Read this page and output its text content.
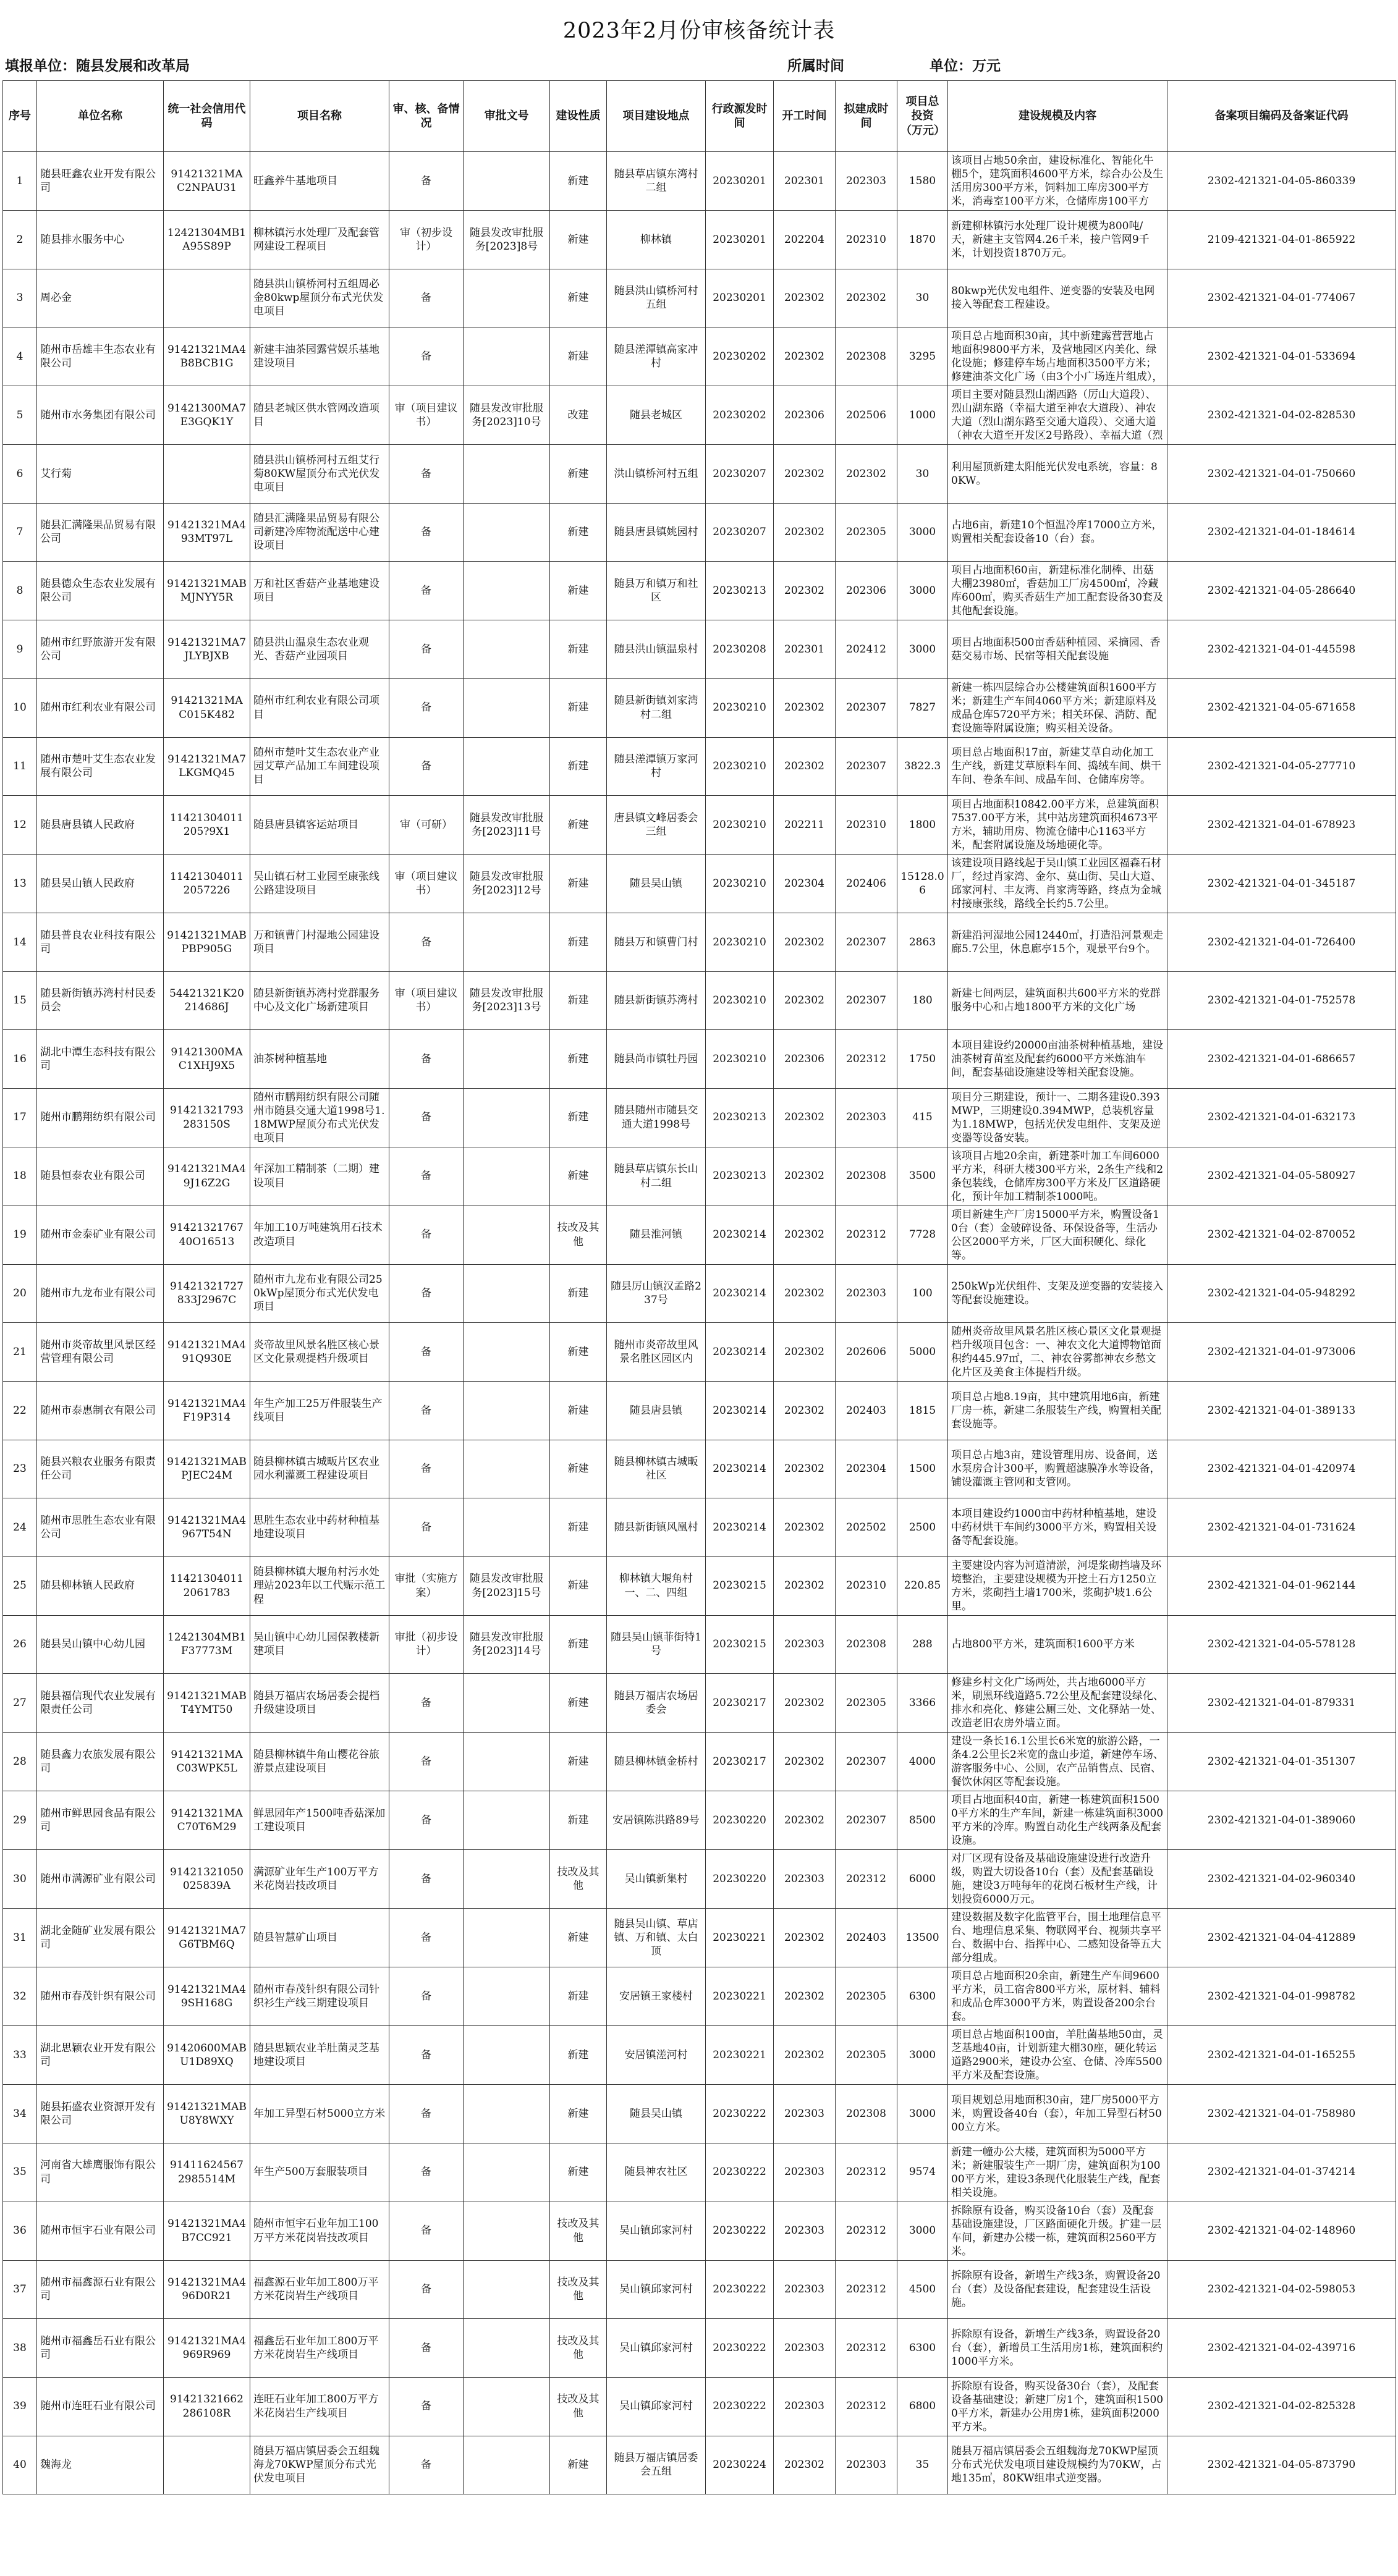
2023年2月份审核备统计表
填报单位：随县发展和改革局	所属时间	单位：万元
序号	单位名称	统一社会信用代码	项目名称	审、核、备情况	审批文号	建设性质	项目建设地点	行政源发时间	开工时间	拟建成时间	项目总投资（万元）	建设规模及内容	备案项目编码及备案证代码

1	随县旺鑫农业开发有限公司	91421321MAC2NPAU31	旺鑫养牛基地项目	备		新建	随县草店镇东湾村二组	20230201	202301	202303	1580	该项目占地50余亩，建设标准化、智能化牛棚5个，建筑面积4600平方米，综合办公及生活用房300平方米，饲料加工库房300平方米，消毒室100平方米，仓储库房100平方	2302-421321-04-05-860339

2	随县排水服务中心	12421304MB1A95S89P	柳林镇污水处理厂及配套管网建设工程项目	审（初步设计）	随县发改审批服务[2023]8号	新建	柳林镇	20230201	202204	202310	1870	新建柳林镇污水处理厂设计规模为800吨/天，新建主支管网4.26千米，接户管网9千米，计划投资1870万元。	2109-421321-04-01-865922

3	周必金		随县洪山镇桥河村五组周必金80kwp屋顶分布式光伏发电项目	备		新建	随县洪山镇桥河村五组	20230201	202302	202302	30	80kwp光伏发电组件、逆变器的安装及电网接入等配套工程建设。	2302-421321-04-01-774067

4	随州市岳雄丰生态农业有限公司	91421321MA4B8BCB1G	新建丰油茶园露营娱乐基地建设项目	备		新建	随县溠潭镇高家冲村	20230202	202302	202308	3295	项目总占地面积30亩，其中新建露营营地占地面积9800平方米，及营地园区内美化、绿化设施；修建停车场占地面积3500平方米；修建油茶文化广场（由3个小广场连片组成），	2302-421321-04-01-533694

5	随州市水务集团有限公司	91421300MA7E3GQK1Y	随县老城区供水管网改造项目	审（项目建议书）	随县发改审批服务[2023]10号	改建	随县老城区	20230202	202306	202506	1000	项目主要对随县烈山湖西路（厉山大道段）、烈山湖东路（幸福大道至神农大道段）、神农大道（烈山湖东路至交通大道段）、交通大道（神农大道至开发区2号路段）、幸福大道（烈	2302-421321-04-02-828530

6	艾行菊		随县洪山镇桥河村五组艾行菊80KW屋顶分布式光伏发电项目	备		新建	洪山镇桥河村五组	20230207	202302	202302	30	利用屋顶新建太阳能光伏发电系统，容量：80KW。	2302-421321-04-01-750660

7	随县汇满隆果品贸易有限公司	91421321MA493MT97L	随县汇满隆果品贸易有限公司新建冷库物流配送中心建设项目	备		新建	随县唐县镇姚园村	20230207	202302	202305	3000	占地6亩，新建10个恒温冷库17000立方米，购置相关配套设备10（台）套。	2302-421321-04-01-184614

8	随县德众生态农业发展有限公司	91421321MABMJNYY5R	万和社区香菇产业基地建设项目	备		新建	随县万和镇万和社区	20230213	202302	202306	3000	项目占地面积60亩，新建标准化制棒、出菇大棚23980㎡，香菇加工厂房4500㎡，冷藏库600㎡，购买香菇生产加工配套设备30套及其他配套设施。	2302-421321-04-05-286640

9	随州市红野旅游开发有限公司	91421321MA7JLYBJXB	随县洪山温泉生态农业观光、香菇产业园项目	备		新建	随县洪山镇温泉村	20230208	202301	202412	3000	项目占地面积500亩香菇种植园、采摘园、香菇交易市场、民宿等相关配套设施	2302-421321-04-01-445598

10	随州市红利农业有限公司	91421321MAC015K482	随州市红利农业有限公司项目	备		新建	随县新街镇刘家湾村二组	20230210	202302	202307	7827	新建一栋四层综合办公楼建筑面积1600平方米；新建生产车间4060平方米；新建原料及成品仓库5720平方米；相关环保、消防、配套设施等附属设施；购买相关设备。	2302-421321-04-05-671658

11	随州市楚叶艾生态农业发展有限公司	91421321MA7LKGMQ45	随州市楚叶艾生态农业产业园艾草产品加工车间建设项目	备		新建	随县溠潭镇万家河村	20230210	202302	202307	3822.3	项目总占地面积17亩，新建艾草自动化加工生产线，新建艾草原料车间、捣绒车间、烘干车间、卷条车间、成品车间、仓储库房等。	2302-421321-04-05-277710

12	随县唐县镇人民政府	11421304011205?9X1	随县唐县镇客运站项目	审（可研）	随县发改审批服务[2023]11号	新建	唐县镇文峰居委会三组	20230210	202211	202310	1800	项目占地面积10842.00平方米，总建筑面积7537.00平方米，其中站房建筑面积4673平方米，辅助用房、物流仓储中心1163平方米，配套附属设施及场地硬化等。	2302-421321-04-01-678923

13	随县吴山镇人民政府	114213040112057226	吴山镇石材工业园至康张线公路建设项目	审（项目建议书）	随县发改审批服务[2023]12号	新建	随县吴山镇	20230210	202304	202406	15128.06	该建设项目路线起于吴山镇工业园区福森石材厂，经过肖家湾、金尔、莫山街、吴山大道、邱家河村、丰友湾、肖家湾等路，终点为金城村接康张线，路线全长约5.7公里。	2302-421321-04-01-345187

14	随县普良农业科技有限公司	91421321MABPBP905G	万和镇曹门村湿地公园建设项目	备		新建	随县万和镇曹门村	20230210	202302	202307	2863	新建沿河湿地公园12440㎡，打造沿河景观走廊5.7公里，休息廊亭15个，观景平台9个。	2302-421321-04-01-726400

15	随县新街镇苏湾村村民委员会	54421321K20214686J	随县新街镇苏湾村党群服务中心及文化广场新建项目	审（项目建议书）	随县发改审批服务[2023]13号	新建	随县新街镇苏湾村	20230210	202302	202307	180	新建七间两层，建筑面积共600平方米的党群服务中心和占地1800平方米的文化广场	2302-421321-04-01-752578

16	湖北中潭生态科技有限公司	91421300MAC1XHJ9X5	油茶树种植基地	备		新建	随县尚市镇牡丹园	20230210	202306	202312	1750	本项目建设约20000亩油茶树种植基地，建设油茶树育苗室及配套约6000平方米炼油车间，配套基础设施建设等相关配套设施。	2302-421321-04-01-686657

17	随州市鹏翔纺织有限公司	91421321793283150S	随州市鹏翔纺织有限公司随州市随县交通大道1998号1.18MWP屋顶分布式光伏发电项目	备		新建	随县随州市随县交通大道1998号	20230213	202302	202303	415	项目分三期建设，预计一、二期各建设0.393MWP，三期建设0.394MWP，总装机容量为1.18MWP，包括光伏发电组件、支架及逆变器等设备安装。	2302-421321-04-01-632173

18	随县恒泰农业有限公司	91421321MA49J16Z2G	年深加工精制茶（二期）建设项目	备		新建	随县草店镇东长山村二组	20230213	202302	202308	3500	该项目占地20余亩，新建茶叶加工车间6000平方米，科研大楼300平方米，2条生产线和2条包装线，仓储库房300平方米及厂区道路硬化，预计年加工精制茶1000吨。	2302-421321-04-05-580927

19	随州市金泰矿业有限公司	9142132176740O16513	年加工10万吨建筑用石技术改造项目	备		技改及其他	随县淮河镇	20230214	202302	202312	7728	项目新建生产厂房15000平方米，购置设备10台（套）金破碎设备、环保设备等，生活办公区2000平方米，厂区大面积硬化、绿化等。	2302-421321-04-02-870052

20	随州市九龙布业有限公司	91421321727833J2967C	随州市九龙布业有限公司250kWp屋顶分布式光伏发电项目	备		新建	随县厉山镇汉孟路237号	20230214	202302	202303	100	250kWp光伏组件、支架及逆变器的安装接入等配套设施建设。	2302-421321-04-05-948292

21	随州市炎帝故里风景区经营管理有限公司	91421321MA491Q930E	炎帝故里风景名胜区核心景区文化景观提档升级项目	备		新建	随州市炎帝故里风景名胜区园区内	20230214	202302	202606	5000	随州炎帝故里风景名胜区核心景区文化景观提档升级项目包含：一、神农文化大道博物馆面积约445.97㎡，二、神农谷雾都神农乡愁文化片区及美食主体提档升级。	2302-421321-04-01-973006

22	随州市泰惠制衣有限公司	91421321MA4F19P314	年生产加工25万件服装生产线项目	备		新建	随县唐县镇	20230214	202302	202403	1815	项目总占地8.19亩，其中建筑用地6亩，新建厂房一栋，新建二条服装生产线，购置相关配套设施等。	2302-421321-04-01-389133

23	随县兴粮农业服务有限责任公司	91421321MABPJEC24M	随县柳林镇古城畈片区农业园水利灌溉工程建设项目	备		新建	随县柳林镇古城畈社区	20230214	202302	202304	1500	项目总占地3亩，建设管理用房、设备间，送水泵房合计300平，购置超滤膜净水等设备，铺设灌溉主管网和支管网。	2302-421321-04-01-420974

24	随州市思胜生态农业有限公司	91421321MA4967T54N	思胜生态农业中药材种植基地建设项目	备		新建	随县新街镇风凰村	20230214	202302	202502	2500	本项目建设约1000亩中药材种植基地，建设中药材烘干车间约3000平方米，购置相关设备等配套设施。	2302-421321-04-01-731624

25	随县柳林镇人民政府	114213040112061783	随县柳林镇大堰角村污水处理站2023年以工代赈示范工程	审批（实施方案）	随县发改审批服务[2023]15号	新建	柳林镇大堰角村一、二、四组	20230215	202302	202310	220.85	主要建设内容为河道清淤，河堤浆砌挡墙及环境整治，主要建设规模为开挖土石方1250立方米，浆砌挡土墙1700米，浆砌护坡1.6公里。	2302-421321-04-01-962144

26	随县吴山镇中心幼儿园	12421304MB1F37773M	吴山镇中心幼儿园保教楼新建项目	审批（初步设计）	随县发改审批服务[2023]14号	新建	随县吴山镇菲街特1号	20230215	202303	202308	288	占地800平方米，建筑面积1600平方米	2302-421321-04-05-578128

27	随县福信现代农业发展有限责任公司	91421321MABT4YMT50	随县万福店农场居委会提档升级建设项目	备		新建	随县万福店农场居委会	20230217	202302	202305	3366	修建乡村文化广场两处，共占地6000平方米，刷黑环线道路5.72公里及配套建设绿化、排水和亮化、修建公厕三处、文化驿站一处、改造老旧农房外墙立面。	2302-421321-04-01-879331

28	随县鑫力农旅发展有限公司	91421321MAC03WPK5L	随县柳林镇牛角山樱花谷旅游景点建设项目	备		新建	随县柳林镇金桥村	20230217	202302	202307	4000	建设一条长16.1公里长6米宽的旅游公路，一条4.2公里长2米宽的盘山步道，新建停车场、游客服务中心、公厕，农产品销售点、民宿、餐饮休闲区等配套设施。	2302-421321-04-01-351307

29	随州市鲜思园食品有限公司	91421321MAC70T6M29	鲜思园年产1500吨香菇深加工建设项目	备		新建	安居镇陈洪路89号	20230220	202302	202307	8500	项目占地面积40亩，新建一栋建筑面积15000平方米的生产车间，新建一栋建筑面积3000平方米的冷库。购置自动化生产线两条及配套设施。	2302-421321-04-01-389060

30	随州市满源矿业有限公司	91421321050025839A	满源矿业年生产100万平方米花岗岩技改项目	备		技改及其他	吴山镇新集村	20230220	202303	202312	6000	对厂区现有设备及基础设施建设进行改造升级，购置大切设备10台（套）及配套基础设施，建设3万吨每年的花岗石板材生产线，计划投资6000万元。	2302-421321-04-02-960340

31	湖北金随矿业发展有限公司	91421321MA7G6TBM6Q	随县智慧矿山项目	备		新建	随县吴山镇、草店镇、万和镇、太白顶	20230221	202302	202403	13500	建设数据及数字化监管平台，围土地理信息平台、地理信息采集、物联网平台、视频共享平台、数据中台、指挥中心、二感知设备等五大部分组成。	2302-421321-04-04-412889

32	随州市春茂针织有限公司	91421321MA49SH168G	随州市春茂针织有限公司针织衫生产线三期建设项目	备		新建	安居镇王家楼村	20230221	202302	202305	6300	项目总占地面积20余亩，新建生产车间9600平方米，员工宿舍800平方米，原材料、辅料和成品仓库3000平方米，购置设备200余台套。	2302-421321-04-01-998782

33	湖北思颖农业开发有限公司	91420600MABU1D89XQ	随县思颖农业羊肚菌灵芝基地建设项目	备		新建	安居镇溠河村	20230221	202302	202305	3000	项目总占地面积100亩，羊肚菌基地50亩，灵芝基地40亩，计划新建大棚30座，硬化转运道路2900米，建设办公室、仓储、冷库5500平方米及配套设施。	2302-421321-04-01-165255

34	随县拓盛农业资源开发有限公司	91421321MABU8Y8WXY	年加工异型石材5000立方米	备		新建	随县吴山镇	20230222	202303	202308	3000	项目规划总用地面积30亩，建厂房5000平方米，购置设备40台（套），年加工异型石材5000立方米。	2302-421321-04-01-758980

35	河南省大雄鹰服饰有限公司	914116245672985514M	年生产500万套服装项目	备		新建	随县神农社区	20230222	202303	202312	9574	新建一幢办公大楼，建筑面积为5000平方米；新建服装生产一期厂房，建筑面积为10000平方米，建设3条现代化服装生产线，配套相关设施。	2302-421321-04-01-374214

36	随州市恒宇石业有限公司	91421321MA4B7CC921	随州市恒宇石业年加工100万平方米花岗岩技改项目	备		技改及其他	吴山镇邱家河村	20230222	202303	202312	3000	拆除原有设备，购买设备10台（套）及配套基础设施建设，厂区路面硬化升级。扩建一层车间，新建办公楼一栋，建筑面积2560平方米。	2302-421321-04-02-148960

37	随州市福鑫源石业有限公司	91421321MA496D0R21	福鑫源石业年加工800万平方米花岗岩生产线项目	备		技改及其他	吴山镇邱家河村	20230222	202303	202312	4500	拆除原有设备，新增生产线3条，购置设备20台（套）及设备配套建设，配套建设生活设施。	2302-421321-04-02-598053

38	随州市福鑫岳石业有限公司	91421321MA4969R969	福鑫岳石业年加工800万平方米花岗岩生产线项目	备		技改及其他	吴山镇邱家河村	20230222	202303	202312	6300	拆除原有设备，新增生产线3条，购置设备20台（套），新增员工生活用房1栋，建筑面积约1000平方米。	2302-421321-04-02-439716

39	随州市连旺石业有限公司	91421321662286108R	连旺石业年加工800万平方米花岗岩生产线项目	备		技改及其他	吴山镇邱家河村	20230222	202303	202312	6800	拆除原有设备，购买设备30台（套），及配套设备基础建设；新建厂房1个，建筑面积15000平方米，新建办公用房1栋，建筑面积2000平方米。	2302-421321-04-02-825328

40	魏海龙		随县万福店镇居委会五组魏海龙70KWP屋顶分布式光伏发电项目	备		新建	随县万福店镇居委会五组	20230224	202302	202303	35	随县万福店镇居委会五组魏海龙70KWP屋顶分布式光伏发电项目建设规模约为70KW，占地135㎡，80KW组串式逆变器。	2302-421321-04-05-873790
